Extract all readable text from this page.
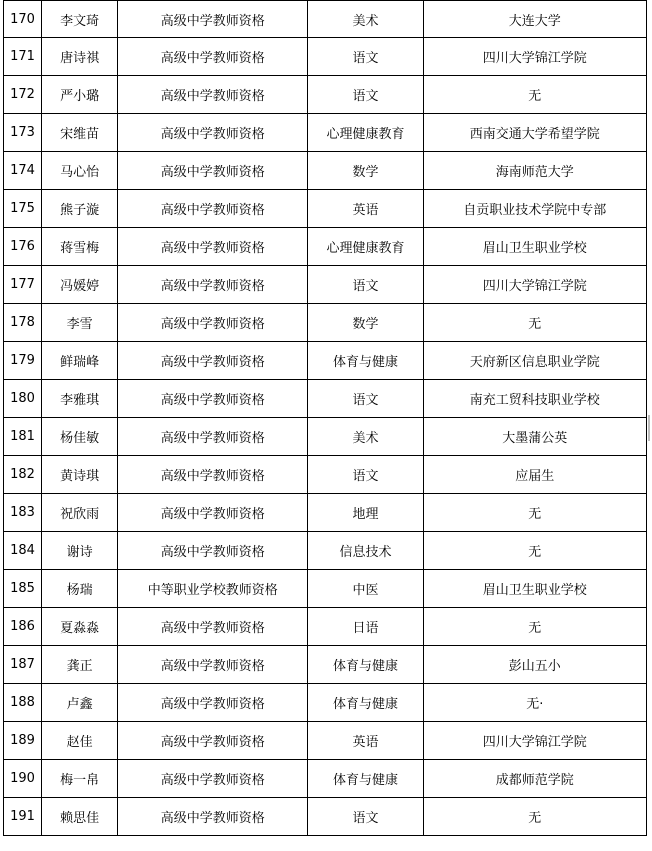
170	李文琦	高级中学教师资格	美术	大连大学
171	唐诗祺	高级中学教师资格	语文	四川大学锦江学院
172	严小璐	高级中学教师资格	语文	无
173	宋维苗	高级中学教师资格	心理健康教育	西南交通大学希望学院
174	马心怡	高级中学教师资格	数学	海南师范大学
175	熊子漩	高级中学教师资格	英语	自贡职业技术学院中专部
176	蒋雪梅	高级中学教师资格	心理健康教育	眉山卫生职业学校
177	冯媛婷	高级中学教师资格	语文	四川大学锦江学院
178	李雪	高级中学教师资格	数学	无
179	鲜瑞峰	高级中学教师资格	体育与健康	天府新区信息职业学院
180	李雅琪	高级中学教师资格	语文	南充工贸科技职业学校
181	杨佳敏	高级中学教师资格	美术	大墨蒲公英
182	黄诗琪	高级中学教师资格	语文	应届生
183	祝欣雨	高级中学教师资格	地理	无
184	谢诗	高级中学教师资格	信息技术	无
185	杨瑞	中等职业学校教师资格	中医	眉山卫生职业学校
186	夏淼淼	高级中学教师资格	日语	无
187	龚正	高级中学教师资格	体育与健康	彭山五小
188	卢鑫	高级中学教师资格	体育与健康	无·
189	赵佳	高级中学教师资格	英语	四川大学锦江学院
190	梅一帛	高级中学教师资格	体育与健康	成都师范学院
191	赖思佳	高级中学教师资格	语文	无
